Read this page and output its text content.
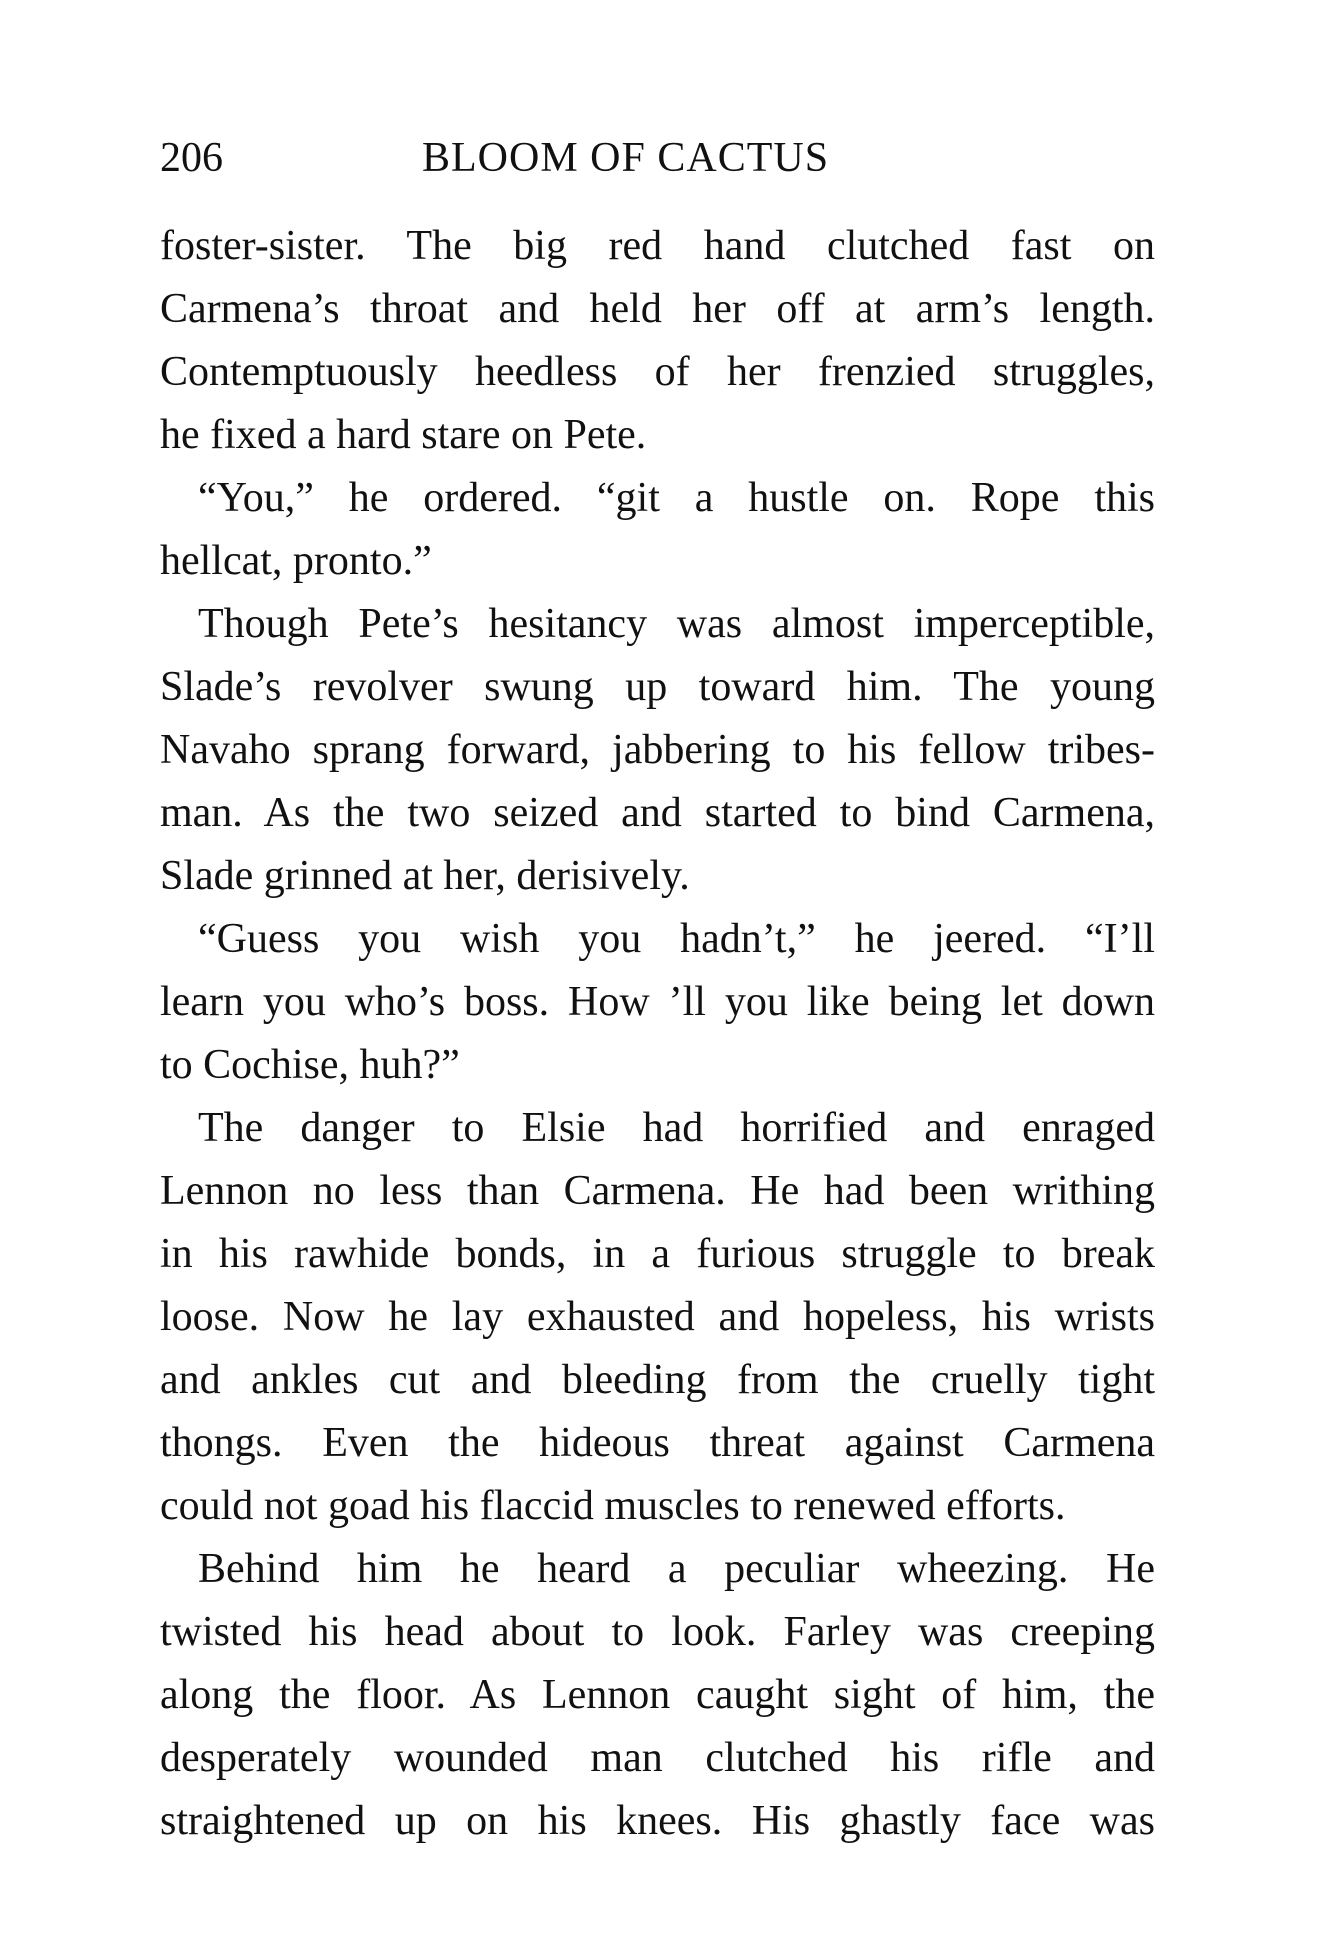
206	BLOOM OF CACTUS
foster-sister. The big red hand clutched fast on
Carmena’s throat and held her off at arm’s length.
Contemptuously heedless of her frenzied struggles,
he fixed a hard stare on Pete.
“You,” he ordered. “git a hustle on. Rope this
hellcat, pronto.”
Though Pete’s hesitancy was almost imperceptible,
Slade’s revolver swung up toward him. The young
Navaho sprang forward, jabbering to his fellow tribes-
man. As the two seized and started to bind Carmena,
Slade grinned at her, derisively.
“Guess you wish you hadn’t,” he jeered. “I’ll
learn you who’s boss. How ’ll you like being let down
to Cochise, huh?”
The danger to Elsie had horrified and enraged
Lennon no less than Carmena. He had been writhing
in his rawhide bonds, in a furious struggle to break
loose. Now he lay exhausted and hopeless, his wrists
and ankles cut and bleeding from the cruelly tight
thongs. Even the hideous threat against Carmena
could not goad his flaccid muscles to renewed efforts.
Behind him he heard a peculiar wheezing. He
twisted his head about to look. Farley was creeping
along the floor. As Lennon caught sight of him, the
desperately wounded man clutched his rifle and
straightened up on his knees. His ghastly face was
